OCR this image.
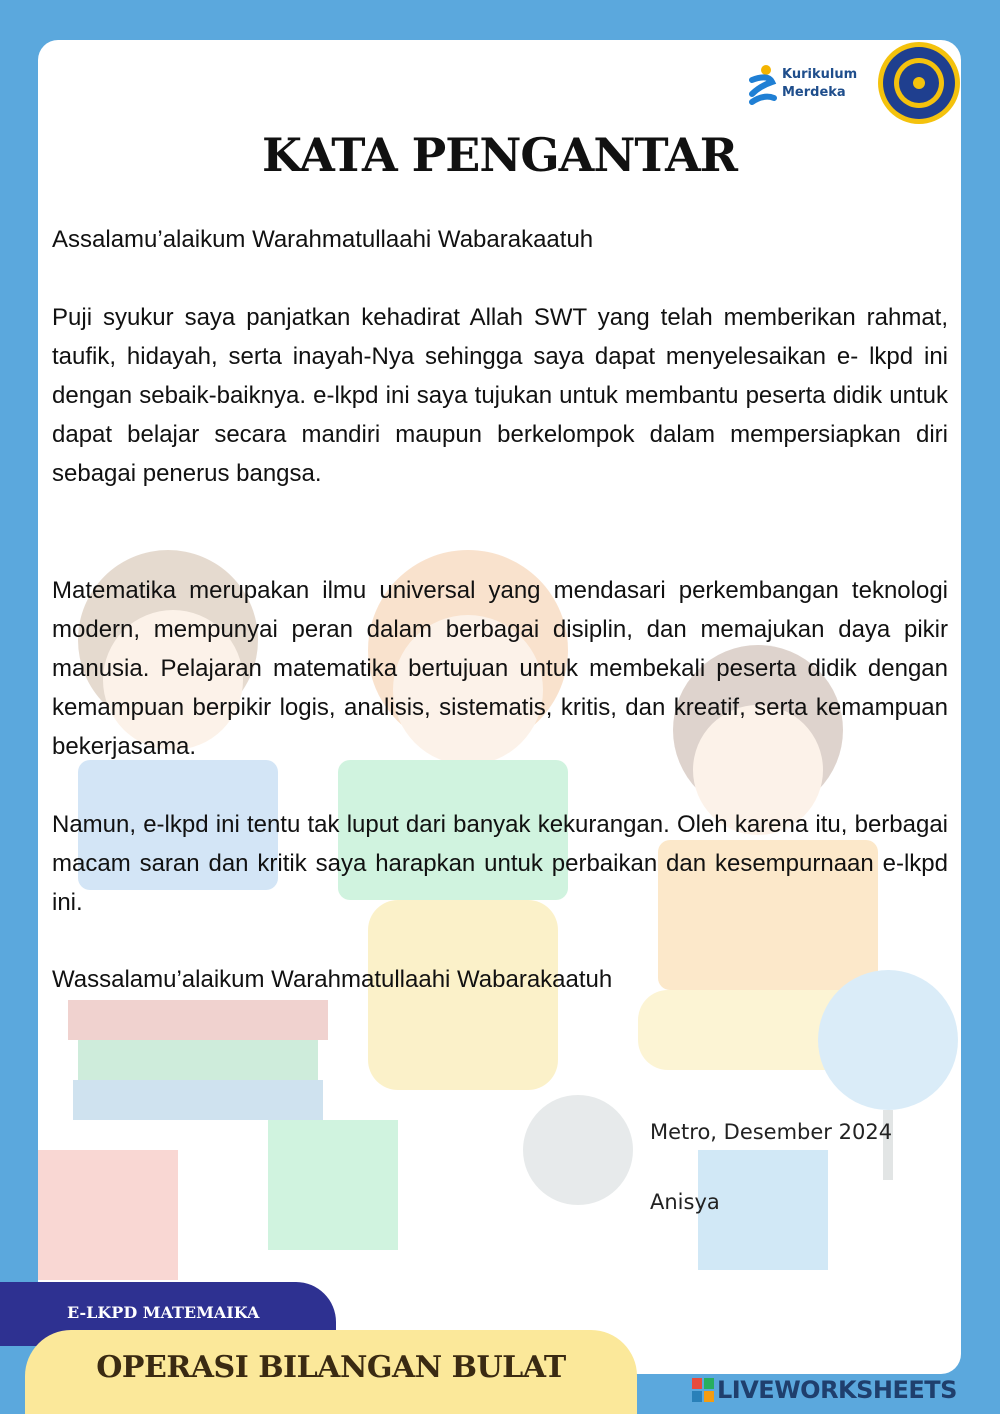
Kurikulum
Merdeka
KATA PENGANTAR
Assalamu’alaikum Warahmatullaahi Wabarakaatuh
Puji syukur saya panjatkan kehadirat Allah SWT yang telah memberikan rahmat, taufik, hidayah, serta inayah-Nya sehingga saya dapat menyelesaikan e- lkpd ini dengan sebaik-baiknya. e-lkpd ini saya tujukan untuk membantu peserta didik untuk dapat belajar secara mandiri maupun berkelompok dalam mempersiapkan diri sebagai penerus bangsa.
Matematika merupakan ilmu universal yang mendasari perkembangan teknologi modern, mempunyai peran dalam berbagai disiplin, dan memajukan daya pikir manusia. Pelajaran matematika bertujuan untuk membekali peserta didik dengan kemampuan berpikir logis, analisis, sistematis, kritis, dan kreatif, serta kemampuan bekerjasama.
Namun, e-lkpd ini tentu tak luput dari banyak kekurangan. Oleh karena itu, berbagai macam saran dan kritik saya harapkan untuk perbaikan dan kesempurnaan e-lkpd ini.
Wassalamu’alaikum Warahmatullaahi Wabarakaatuh
Metro, Desember 2024
Anisya
E-LKPD MATEMAIKA
OPERASI BILANGAN BULAT
LIVEWORKSHEETS
